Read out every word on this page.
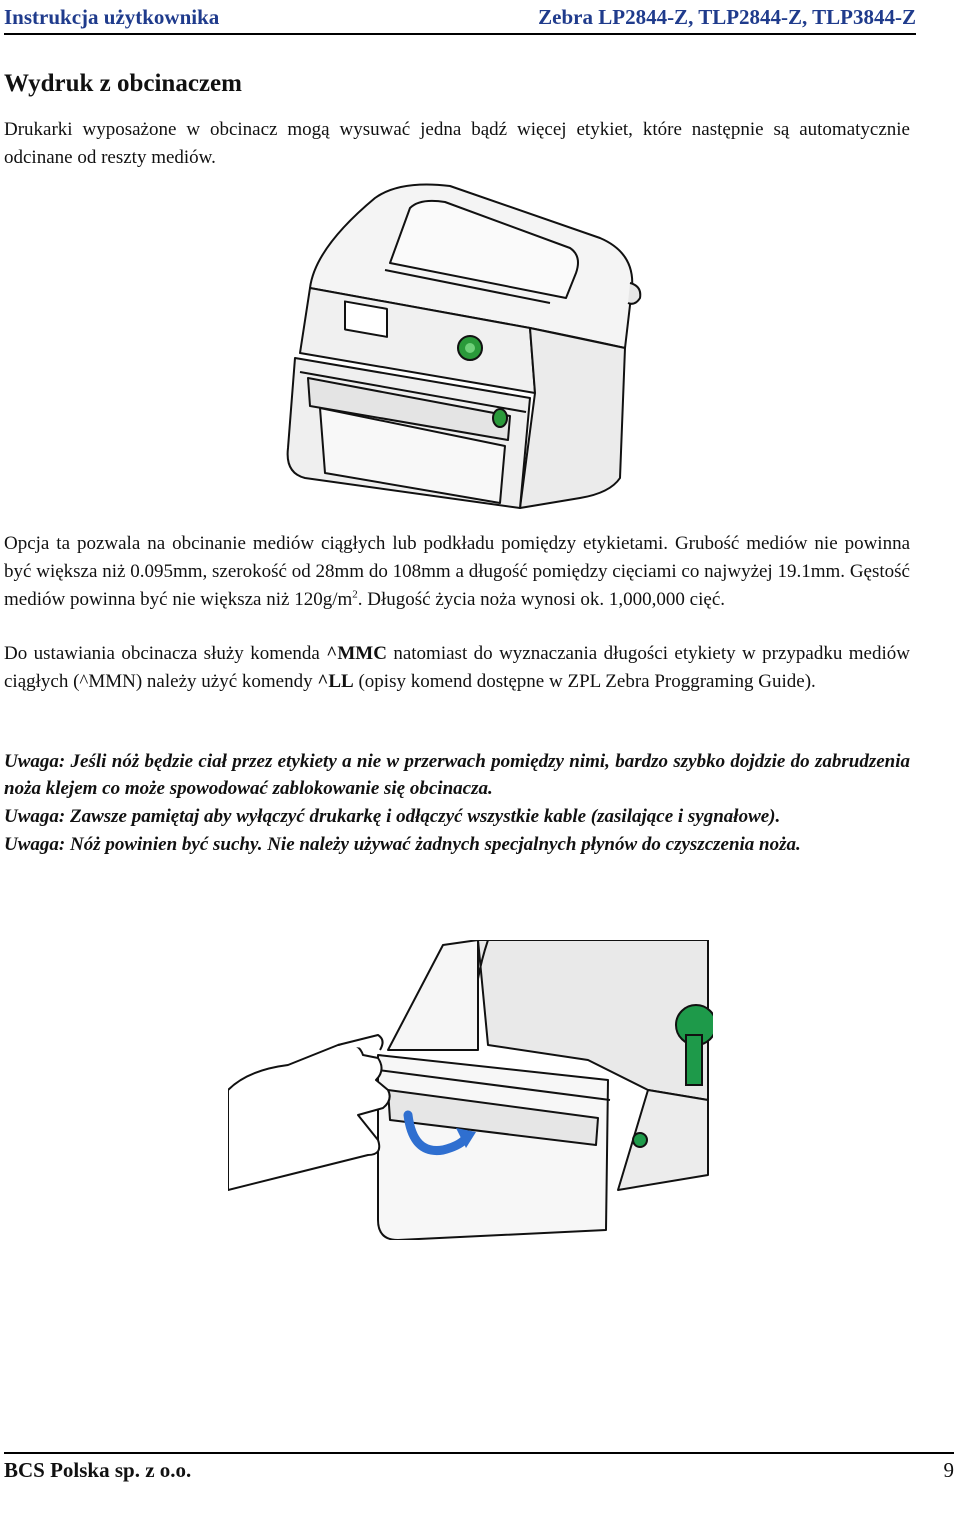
Instrukcja użytkownika	Zebra LP2844-Z, TLP2844-Z, TLP3844-Z
Wydruk z obcinaczem

Drukarki wyposażone w obcinacz mogą wysuwać jedna bądź więcej etykiet, które następnie są automatycznie odcinane od reszty mediów.

Opcja ta pozwala na obcinanie mediów ciągłych lub podkładu pomiędzy etykietami. Grubość mediów nie powinna być większa niż 0.095mm, szerokość od 28mm do 108mm a długość pomiędzy cięciami co najwyżej 19.1mm. Gęstość mediów powinna być nie większa niż $120g/m^2$. Długość życia noża wynosi ok. 1,000,000 cięć.

Do ustawiania obcinacza służy komenda ^MMC natomiast do wyznaczania długości etykiety w przypadku mediów ciągłych (^MMN) należy użyć komendy ^LL (opisy komend dostępne w ZPL Zebra Proggraming Guide).

Uwaga: Jeśli nóż będzie ciał przez etykiety a nie w przerwach pomiędzy nimi, bardzo szybko dojdzie do zabrudzenia noża klejem co może spowodować zablokowanie się obcinacza.

Uwaga: Zawsze pamiętaj aby wyłączyć drukarkę i odłączyć wszystkie kable (zasilające i sygnałowe).

Uwaga: Nóż powinien być suchy. Nie należy używać żadnych specjalnych płynów do czyszczenia noża.

BCS Polska sp. z o.o.	9
